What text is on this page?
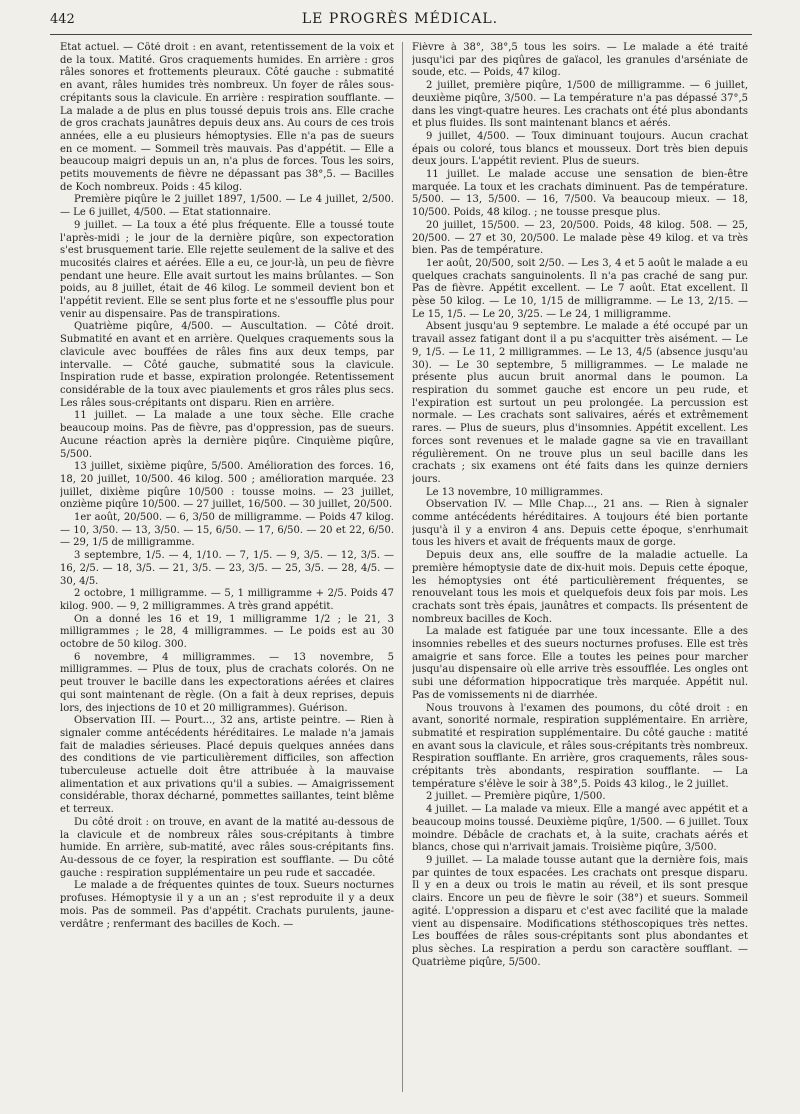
442	LE PROGRÈS MÉDICAL.

Etat actuel. — Côté droit : en avant, retentissement de la voix et de la toux. Matité. Gros craquements humides. En arrière : gros râles sonores et frottements pleuraux. Côté gauche : submatité en avant, râles humides très nombreux. Un foyer de râles sous-crépitants sous la clavicule. En arrière : respiration soufflante. — La malade a de plus en plus toussé depuis trois ans. Elle crache de gros crachats jaunâtres depuis deux ans. Au cours de ces trois années, elle a eu plusieurs hémoptysies. Elle n'a pas de sueurs en ce moment. — Sommeil très mauvais. Pas d'appétit. — Elle a beaucoup maigri depuis un an, n'a plus de forces. Tous les soirs, petits mouvements de fièvre ne dépassant pas 38°,5. — Bacilles de Koch nombreux. Poids : 45 kilog.

Première piqûre le 2 juillet 1897, 1/500. — Le 4 juillet, 2/500. — Le 6 juillet, 4/500. — Etat stationnaire.

9 juillet. — La toux a été plus fréquente. Elle a toussé toute l'après-midi ; le jour de la dernière piqûre, son expectoration s'est brusquement tarie. Elle rejette seulement de la salive et des mucosités claires et aérées. Elle a eu, ce jour-là, un peu de fièvre pendant une heure. Elle avait surtout les mains brûlantes. — Son poids, au 8 juillet, était de 46 kilog. Le sommeil devient bon et l'appétit revient. Elle se sent plus forte et ne s'essouffle plus pour venir au dispensaire. Pas de transpirations.

Quatrième piqûre, 4/500. — Auscultation. — Côté droit. Submatité en avant et en arrière. Quelques craquements sous la clavicule avec bouffées de râles fins aux deux temps, par intervalle. — Côté gauche, submatité sous la clavicule. Inspiration rude et basse, expiration prolongée. Retentissement considérable de la toux avec piaulements et gros râles plus secs. Les râles sous-crépitants ont disparu. Rien en arrière.

11 juillet. — La malade a une toux sèche. Elle crache beaucoup moins. Pas de fièvre, pas d'oppression, pas de sueurs. Aucune réaction après la dernière piqûre. Cinquième piqûre, 5/500.

13 juillet, sixième piqûre, 5/500. Amélioration des forces. 16, 18, 20 juillet, 10/500. 46 kilog. 500 ; amélioration marquée. 23 juillet, dixième piqûre 10/500 : tousse moins. — 23 juillet, onzième piqûre 10/500. — 27 juillet, 16/500. — 30 juillet, 20/500.

1er août, 20/500. — 6, 3/50 de milligramme. — Poids 47 kilog. — 10, 3/50. — 13, 3/50. — 15, 6/50. — 17, 6/50. — 20 et 22, 6/50. — 29, 1/5 de milligramme.

3 septembre, 1/5. — 4, 1/10. — 7, 1/5. — 9, 3/5. — 12, 3/5. — 16, 2/5. — 18, 3/5. — 21, 3/5. — 23, 3/5. — 25, 3/5. — 28, 4/5. — 30, 4/5.

2 octobre, 1 milligramme. — 5, 1 milligramme + 2/5. Poids 47 kilog. 900. — 9, 2 milligrammes. A très grand appétit.

On a donné les 16 et 19, 1 milligramme 1/2 ; le 21, 3 milligrammes ; le 28, 4 milligrammes. — Le poids est au 30 octobre de 50 kilog. 300.

6 novembre, 4 milligrammes. — 13 novembre, 5 milligrammes. — Plus de toux, plus de crachats colorés. On ne peut trouver le bacille dans les expectorations aérées et claires qui sont maintenant de règle. (On a fait à deux reprises, depuis lors, des injections de 10 et 20 milligrammes). Guérison.

Observation III. — Pourt..., 32 ans, artiste peintre. — Rien à signaler comme antécédents héréditaires. Le malade n'a jamais fait de maladies sérieuses. Placé depuis quelques années dans des conditions de vie particulièrement difficiles, son affection tuberculeuse actuelle doit être attribuée à la mauvaise alimentation et aux privations qu'il a subies. — Amaigrissement considérable, thorax décharné, pommettes saillantes, teint blême et terreux.

Du côté droit : on trouve, en avant de la matité au-dessous de la clavicule et de nombreux râles sous-crépitants à timbre humide. En arrière, sub-matité, avec râles sous-crépitants fins. Au-dessous de ce foyer, la respiration est soufflante. — Du côté gauche : respiration supplémentaire un peu rude et saccadée.

Le malade a de fréquentes quintes de toux. Sueurs nocturnes profuses. Hémoptysie il y a un an ; s'est reproduite il y a deux mois. Pas de sommeil. Pas d'appétit. Crachats purulents, jaune-verdâtre ; renfermant des bacilles de Koch. —

Fièvre à 38°, 38°,5 tous les soirs. — Le malade a été traité jusqu'ici par des piqûres de gaïacol, les granules d'arséniate de soude, etc. — Poids, 47 kilog.

2 juillet, première piqûre, 1/500 de milligramme. — 6 juillet, deuxième piqûre, 3/500. — La température n'a pas dépassé 37°,5 dans les vingt-quatre heures. Les crachats ont été plus abondants et plus fluides. Ils sont maintenant blancs et aérés.

9 juillet, 4/500. — Toux diminuant toujours. Aucun crachat épais ou coloré, tous blancs et mousseux. Dort très bien depuis deux jours. L'appétit revient. Plus de sueurs.

11 juillet. Le malade accuse une sensation de bien-être marquée. La toux et les crachats diminuent. Pas de température. 5/500. — 13, 5/500. — 16, 7/500. Va beaucoup mieux. — 18, 10/500. Poids, 48 kilog. ; ne tousse presque plus.

20 juillet, 15/500. — 23, 20/500. Poids, 48 kilog. 508. — 25, 20/500. — 27 et 30, 20/500. Le malade pèse 49 kilog. et va très bien. Pas de température.

1er août, 20/500, soit 2/50. — Les 3, 4 et 5 août le malade a eu quelques crachats sanguinolents. Il n'a pas craché de sang pur. Pas de fièvre. Appétit excellent. — Le 7 août. Etat excellent. Il pèse 50 kilog. — Le 10, 1/15 de milligramme. — Le 13, 2/15. — Le 15, 1/5. — Le 20, 3/25. — Le 24, 1 milligramme.

Absent jusqu'au 9 septembre. Le malade a été occupé par un travail assez fatigant dont il a pu s'acquitter très aisément. — Le 9, 1/5. — Le 11, 2 milligrammes. — Le 13, 4/5 (absence jusqu'au 30). — Le 30 septembre, 5 milligrammes. — Le malade ne présente plus aucun bruit anormal dans le poumon. La respiration du sommet gauche est encore un peu rude, et l'expiration est surtout un peu prolongée. La percussion est normale. — Les crachats sont salivaires, aérés et extrêmement rares. — Plus de sueurs, plus d'insomnies. Appétit excellent. Les forces sont revenues et le malade gagne sa vie en travaillant régulièrement. On ne trouve plus un seul bacille dans les crachats ; six examens ont été faits dans les quinze derniers jours.

Le 13 novembre, 10 milligrammes.

Observation IV. — Mlle Chap..., 21 ans. — Rien à signaler comme antécédents héréditaires. A toujours été bien portante jusqu'à il y a environ 4 ans. Depuis cette époque, s'enrhumait tous les hivers et avait de fréquents maux de gorge.

Depuis deux ans, elle souffre de la maladie actuelle. La première hémoptysie date de dix-huit mois. Depuis cette époque, les hémoptysies ont été particulièrement fréquentes, se renouvelant tous les mois et quelquefois deux fois par mois. Les crachats sont très épais, jaunâtres et compacts. Ils présentent de nombreux bacilles de Koch.

La malade est fatiguée par une toux incessante. Elle a des insomnies rebelles et des sueurs nocturnes profuses. Elle est très amaigrie et sans force. Elle a toutes les peines pour marcher jusqu'au dispensaire où elle arrive très essoufflée. Les ongles ont subi une déformation hippocratique très marquée. Appétit nul. Pas de vomissements ni de diarrhée.

Nous trouvons à l'examen des poumons, du côté droit : en avant, sonorité normale, respiration supplémentaire. En arrière, submatité et respiration supplémentaire. Du côté gauche : matité en avant sous la clavicule, et râles sous-crépitants très nombreux. Respiration soufflante. En arrière, gros craquements, râles sous-crépitants très abondants, respiration soufflante. — La température s'élève le soir à 38°,5. Poids 43 kilog., le 2 juillet.

2 juillet. — Première piqûre, 1/500.

4 juillet. — La malade va mieux. Elle a mangé avec appétit et a beaucoup moins toussé. Deuxième piqûre, 1/500. — 6 juillet. Toux moindre. Débâcle de crachats et, à la suite, crachats aérés et blancs, chose qui n'arrivait jamais. Troisième piqûre, 3/500.

9 juillet. — La malade tousse autant que la dernière fois, mais par quintes de toux espacées. Les crachats ont presque disparu. Il y en a deux ou trois le matin au réveil, et ils sont presque clairs. Encore un peu de fièvre le soir (38°) et sueurs. Sommeil agité. L'oppression a disparu et c'est avec facilité que la malade vient au dispensaire. Modifications stéthoscopiques très nettes. Les bouffées de râles sous-crépitants sont plus abondantes et plus sèches. La respiration a perdu son caractère soufflant. — Quatrième piqûre, 5/500.
